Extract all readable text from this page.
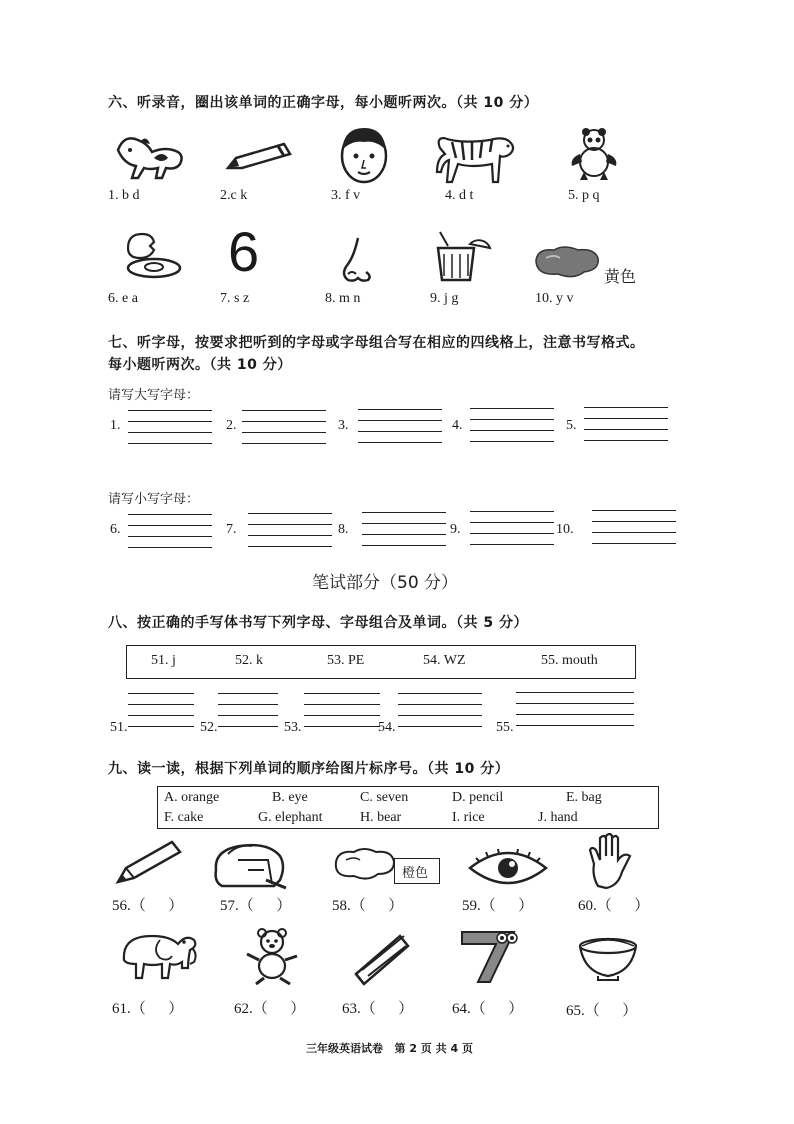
六、听录音，圈出该单词的正确字母，每小题听两次。（共 10 分）
1. b d	2.c k	3. f v	4. d t	5. p q
6	黄色
6. e a	7. s z	8. m n	9. j g	10. y v
七、听字母，按要求把听到的字母或字母组合写在相应的四线格上，注意书写格式。
每小题听两次。（共 10 分）
请写大写字母：
1.	2.	3.	4.	5.
请写小写字母：
6.	7.	8.	9.	10.
笔试部分（50 分）
八、按正确的手写体书写下列字母、字母组合及单词。（共 5 分）
51. j	52. k	53. PE	54. WZ	55. mouth
51.	52.	53.	54.	55.
九、读一读，根据下列单词的顺序给图片标序号。（共 10 分）
A. orange	B. eye	C. seven	D. pencil	E. bag
F. cake	G. elephant	H. bear	I. rice	J. hand
橙色
56.（      ） 57.（      ）	58.（      ）	59.（      ）	60.（      ）
61.（      ）	62.（      ） 63.（      ）	64.（      ）	65.（      ）
三年级英语试卷   第 2 页 共 4 页
